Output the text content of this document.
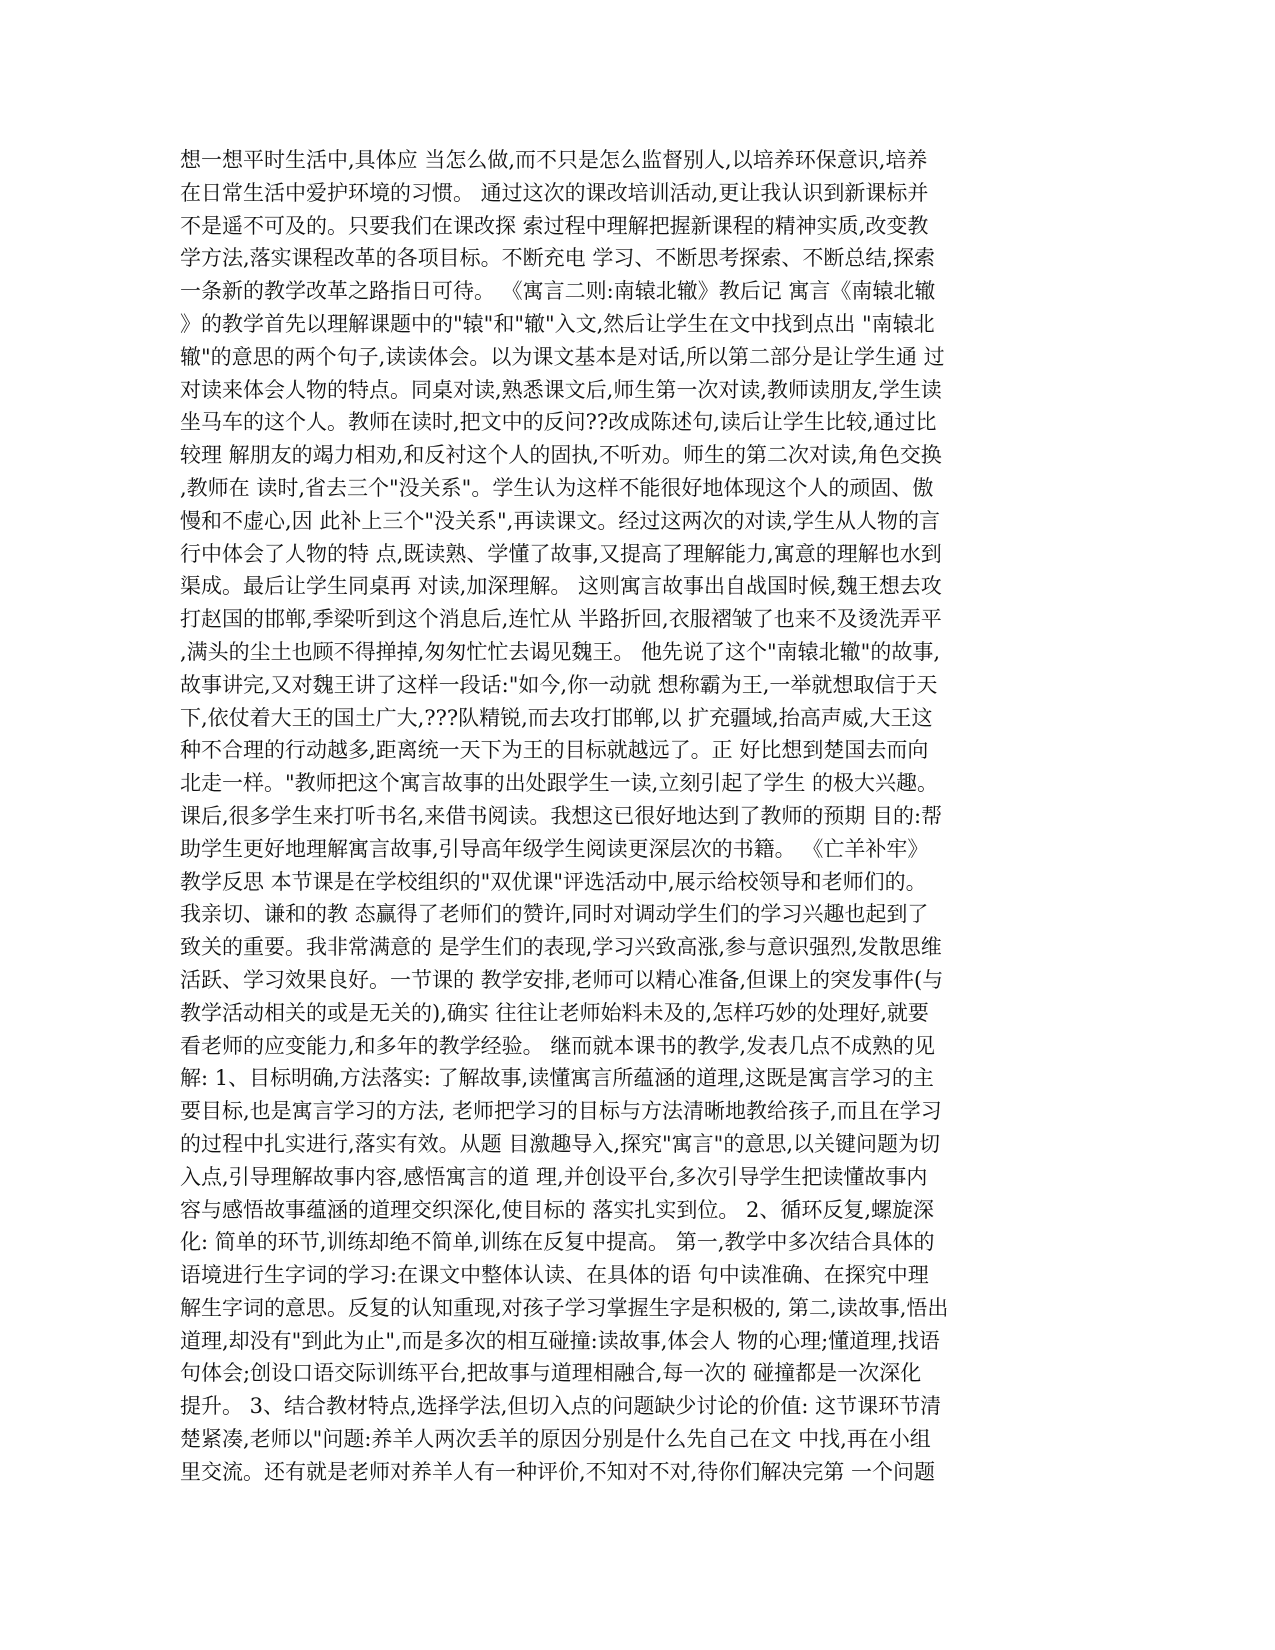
想一想平时生活中,具体应 当怎么做,而不只是怎么监督别人,以培养环保意识,培养
在日常生活中爱护环境的习惯。 通过这次的课改培训活动,更让我认识到新课标并
不是遥不可及的。只要我们在课改探 索过程中理解把握新课程的精神实质,改变教
学方法,落实课程改革的各项目标。不断充电 学习、不断思考探索、不断总结,探索
一条新的教学改革之路指日可待。 《寓言二则:南辕北辙》教后记 寓言《南辕北辙
》的教学首先以理解课题中的"辕"和"辙"入文,然后让学生在文中找到点出 "南辕北
辙"的意思的两个句子,读读体会。以为课文基本是对话,所以第二部分是让学生通 过
对读来体会人物的特点。同桌对读,熟悉课文后,师生第一次对读,教师读朋友,学生读
坐马车的这个人。教师在读时,把文中的反问??改成陈述句,读后让学生比较,通过比
较理 解朋友的竭力相劝,和反衬这个人的固执,不听劝。师生的第二次对读,角色交换
,教师在 读时,省去三个"没关系"。学生认为这样不能很好地体现这个人的顽固、傲
慢和不虚心,因 此补上三个"没关系",再读课文。经过这两次的对读,学生从人物的言
行中体会了人物的特 点,既读熟、学懂了故事,又提高了理解能力,寓意的理解也水到
渠成。最后让学生同桌再 对读,加深理解。 这则寓言故事出自战国时候,魏王想去攻
打赵国的邯郸,季梁听到这个消息后,连忙从 半路折回,衣服褶皱了也来不及烫洗弄平
,满头的尘土也顾不得掸掉,匆匆忙忙去谒见魏王。 他先说了这个"南辕北辙"的故事,
故事讲完,又对魏王讲了这样一段话:"如今,你一动就 想称霸为王,一举就想取信于天
下,依仗着大王的国土广大,???队精锐,而去攻打邯郸,以 扩充疆域,抬高声威,大王这
种不合理的行动越多,距离统一天下为王的目标就越远了。正 好比想到楚国去而向
北走一样。"教师把这个寓言故事的出处跟学生一读,立刻引起了学生 的极大兴趣。
课后,很多学生来打听书名,来借书阅读。我想这已很好地达到了教师的预期 目的:帮
助学生更好地理解寓言故事,引导高年级学生阅读更深层次的书籍。 《亡羊补牢》
教学反思 本节课是在学校组织的"双优课"评选活动中,展示给校领导和老师们的。
我亲切、谦和的教 态赢得了老师们的赞许,同时对调动学生们的学习兴趣也起到了
致关的重要。我非常满意的 是学生们的表现,学习兴致高涨,参与意识强烈,发散思维
活跃、学习效果良好。一节课的 教学安排,老师可以精心准备,但课上的突发事件(与
教学活动相关的或是无关的),确实 往往让老师始料未及的,怎样巧妙的处理好,就要
看老师的应变能力,和多年的教学经验。 继而就本课书的教学,发表几点不成熟的见
解: 1、目标明确,方法落实: 了解故事,读懂寓言所蕴涵的道理,这既是寓言学习的主
要目标,也是寓言学习的方法, 老师把学习的目标与方法清晰地教给孩子,而且在学习
的过程中扎实进行,落实有效。从题 目激趣导入,探究"寓言"的意思,以关键问题为切
入点,引导理解故事内容,感悟寓言的道 理,并创设平台,多次引导学生把读懂故事内
容与感悟故事蕴涵的道理交织深化,使目标的 落实扎实到位。 2、循环反复,螺旋深
化: 简单的环节,训练却绝不简单,训练在反复中提高。 第一,教学中多次结合具体的
语境进行生字词的学习:在课文中整体认读、在具体的语 句中读准确、在探究中理
解生字词的意思。反复的认知重现,对孩子学习掌握生字是积极的, 第二,读故事,悟出
道理,却没有"到此为止",而是多次的相互碰撞:读故事,体会人 物的心理;懂道理,找语
句体会;创设口语交际训练平台,把故事与道理相融合,每一次的 碰撞都是一次深化
提升。 3、结合教材特点,选择学法,但切入点的问题缺少讨论的价值: 这节课环节清
楚紧凑,老师以"问题:养羊人两次丢羊的原因分别是什么先自己在文 中找,再在小组
里交流。还有就是老师对养羊人有一种评价,不知对不对,待你们解决完第 一个问题
